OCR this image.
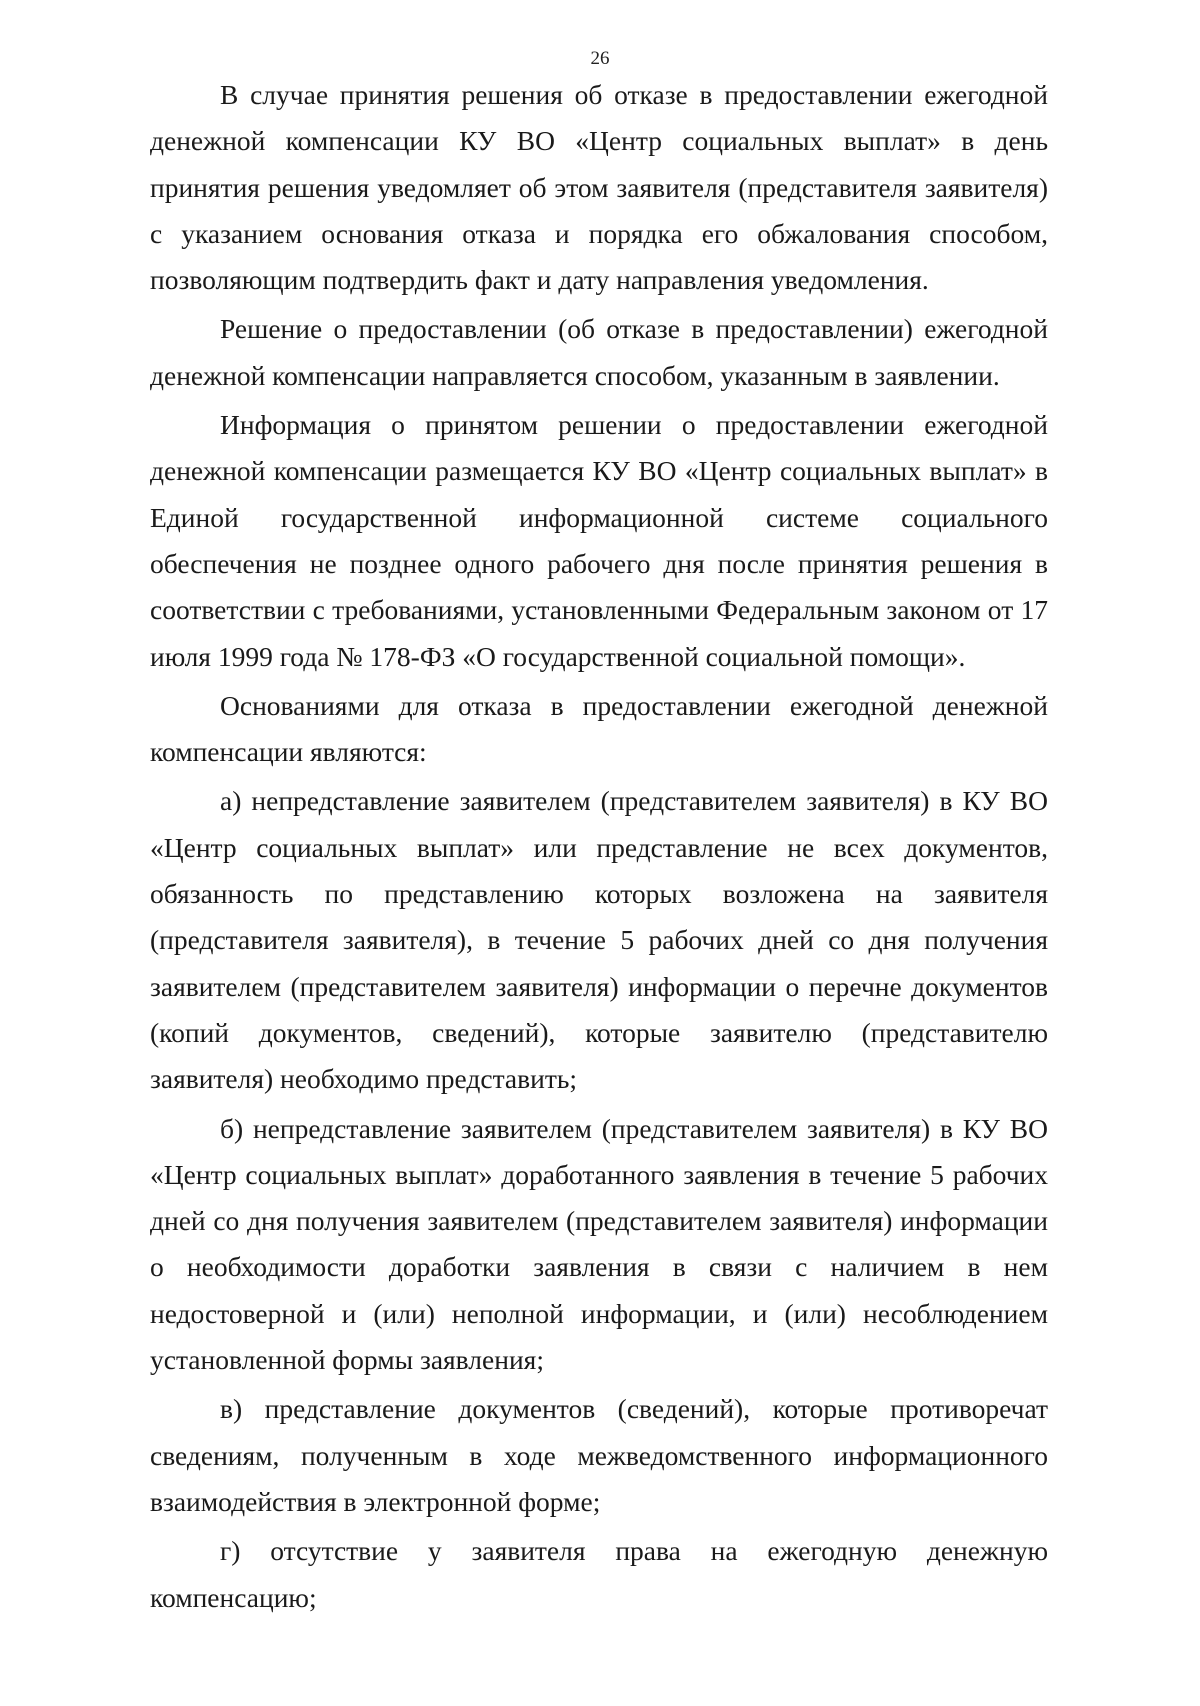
26

В случае принятия решения об отказе в предоставлении ежегодной денежной компенсации КУ ВО «Центр социальных выплат» в день принятия решения уведомляет об этом заявителя (представителя заявителя) с указанием основания отказа и порядка его обжалования способом, позволяющим подтвердить факт и дату направления уведомления.

Решение о предоставлении (об отказе в предоставлении) ежегодной денежной компенсации направляется способом, указанным в заявлении.

Информация о принятом решении о предоставлении ежегодной денежной компенсации размещается КУ ВО «Центр социальных выплат» в Единой государственной информационной системе социального обеспечения не позднее одного рабочего дня после принятия решения в соответствии с требованиями, установленными Федеральным законом от 17 июля 1999 года № 178-ФЗ «О государственной социальной помощи».

Основаниями для отказа в предоставлении ежегодной денежной компенсации являются:

а) непредставление заявителем (представителем заявителя) в КУ ВО «Центр социальных выплат» или представление не всех документов, обязанность по представлению которых возложена на заявителя (представителя заявителя), в течение 5 рабочих дней со дня получения заявителем (представителем заявителя) информации о перечне документов (копий документов, сведений), которые заявителю (представителю заявителя) необходимо представить;

б) непредставление заявителем (представителем заявителя) в КУ ВО «Центр социальных выплат» доработанного заявления в течение 5 рабочих дней со дня получения заявителем (представителем заявителя) информации о необходимости доработки заявления в связи с наличием в нем недостоверной и (или) неполной информации, и (или) несоблюдением установленной формы заявления;

в) представление документов (сведений), которые противоречат сведениям, полученным в ходе межведомственного информационного взаимодействия в электронной форме;

г) отсутствие у заявителя права на ежегодную денежную компенсацию;
